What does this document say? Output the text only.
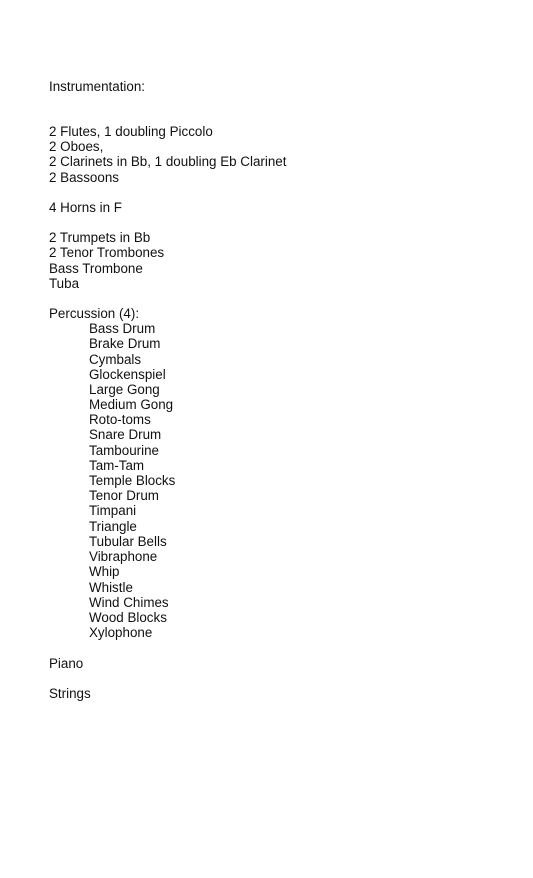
Instrumentation:

2 Flutes, 1 doubling Piccolo

2 Oboes,

2 Clarinets in Bb, 1 doubling Eb Clarinet

2 Bassoons

4 Horns in F

2 Trumpets in Bb

2 Tenor Trombones

Bass Trombone

Tuba

Percussion (4):

Bass Drum

Brake Drum

Cymbals

Glockenspiel

Large Gong

Medium Gong

Roto-toms

Snare Drum

Tambourine

Tam-Tam

Temple Blocks

Tenor Drum

Timpani

Triangle

Tubular Bells

Vibraphone

Whip

Whistle

Wind Chimes

Wood Blocks

Xylophone

Piano

Strings
